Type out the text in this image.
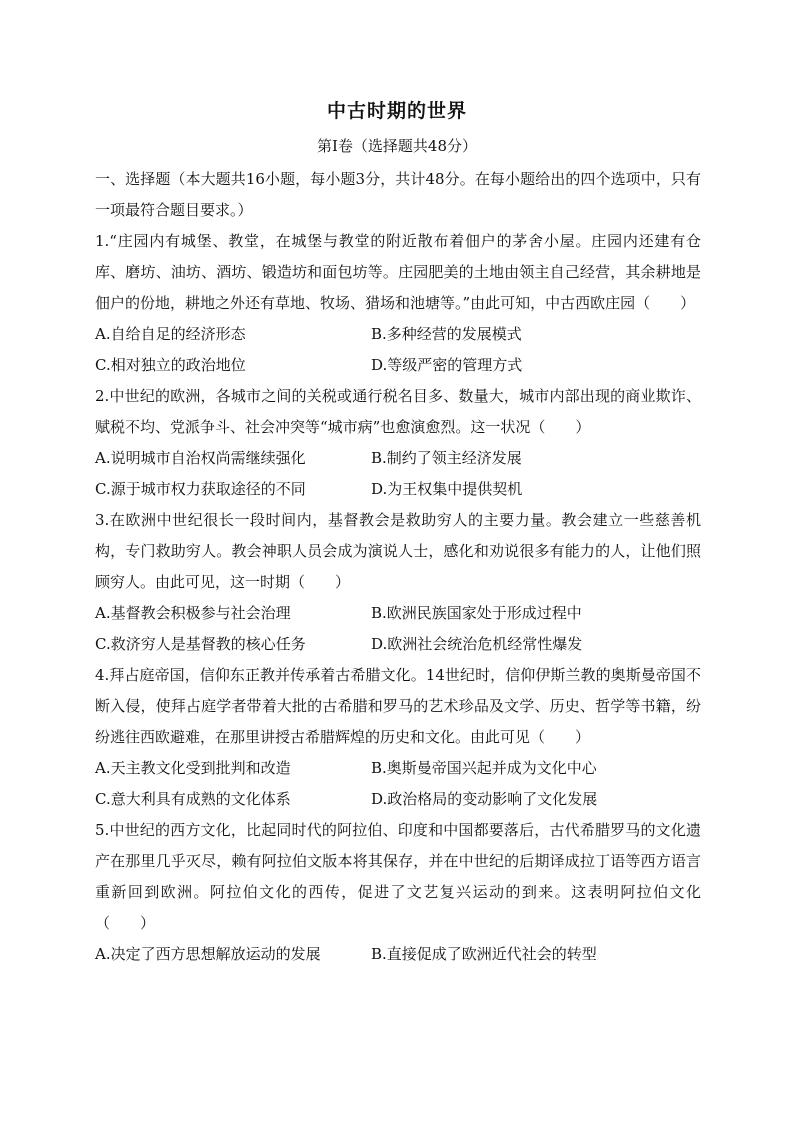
中古时期的世界
第Ⅰ卷（选择题共48分）

一、选择题（本大题共16小题，每小题3分，共计48分。在每小题给出的四个选项中，只有一项最符合题目要求。）

1.“庄园内有城堡、教堂，在城堡与教堂的附近散布着佃户的茅舍小屋。庄园内还建有仓库、磨坊、油坊、酒坊、锻造坊和面包坊等。庄园肥美的土地由领主自己经营，其余耕地是佃户的份地，耕地之外还有草地、牧场、猎场和池塘等。”由此可知，中古西欧庄园（　　）

A.自给自足的经济形态	B.多种经营的发展模式
C.相对独立的政治地位	D.等级严密的管理方式

2.中世纪的欧洲，各城市之间的关税或通行税名目多、数量大，城市内部出现的商业欺诈、赋税不均、党派争斗、社会冲突等“城市病”也愈演愈烈。这一状况（　　）

A.说明城市自治权尚需继续强化	B.制约了领主经济发展
C.源于城市权力获取途径的不同	D.为王权集中提供契机

3.在欧洲中世纪很长一段时间内，基督教会是救助穷人的主要力量。教会建立一些慈善机构，专门救助穷人。教会神职人员会成为演说人士，感化和劝说很多有能力的人，让他们照顾穷人。由此可见，这一时期（　　）

A.基督教会积极参与社会治理	B.欧洲民族国家处于形成过程中
C.救济穷人是基督教的核心任务	D.欧洲社会统治危机经常性爆发

4.拜占庭帝国，信仰东正教并传承着古希腊文化。14世纪时，信仰伊斯兰教的奥斯曼帝国不断入侵，使拜占庭学者带着大批的古希腊和罗马的艺术珍品及文学、历史、哲学等书籍，纷纷逃往西欧避难，在那里讲授古希腊辉煌的历史和文化。由此可见（　　）

A.天主教文化受到批判和改造	B.奥斯曼帝国兴起并成为文化中心
C.意大利具有成熟的文化体系	D.政治格局的变动影响了文化发展

5.中世纪的西方文化，比起同时代的阿拉伯、印度和中国都要落后，古代希腊罗马的文化遗产在那里几乎灭尽，赖有阿拉伯文版本将其保存，并在中世纪的后期译成拉丁语等西方语言重新回到欧洲。阿拉伯文化的西传，促进了文艺复兴运动的到来。这表明阿拉伯文化（　　）

A.决定了西方思想解放运动的发展	B.直接促成了欧洲近代社会的转型
